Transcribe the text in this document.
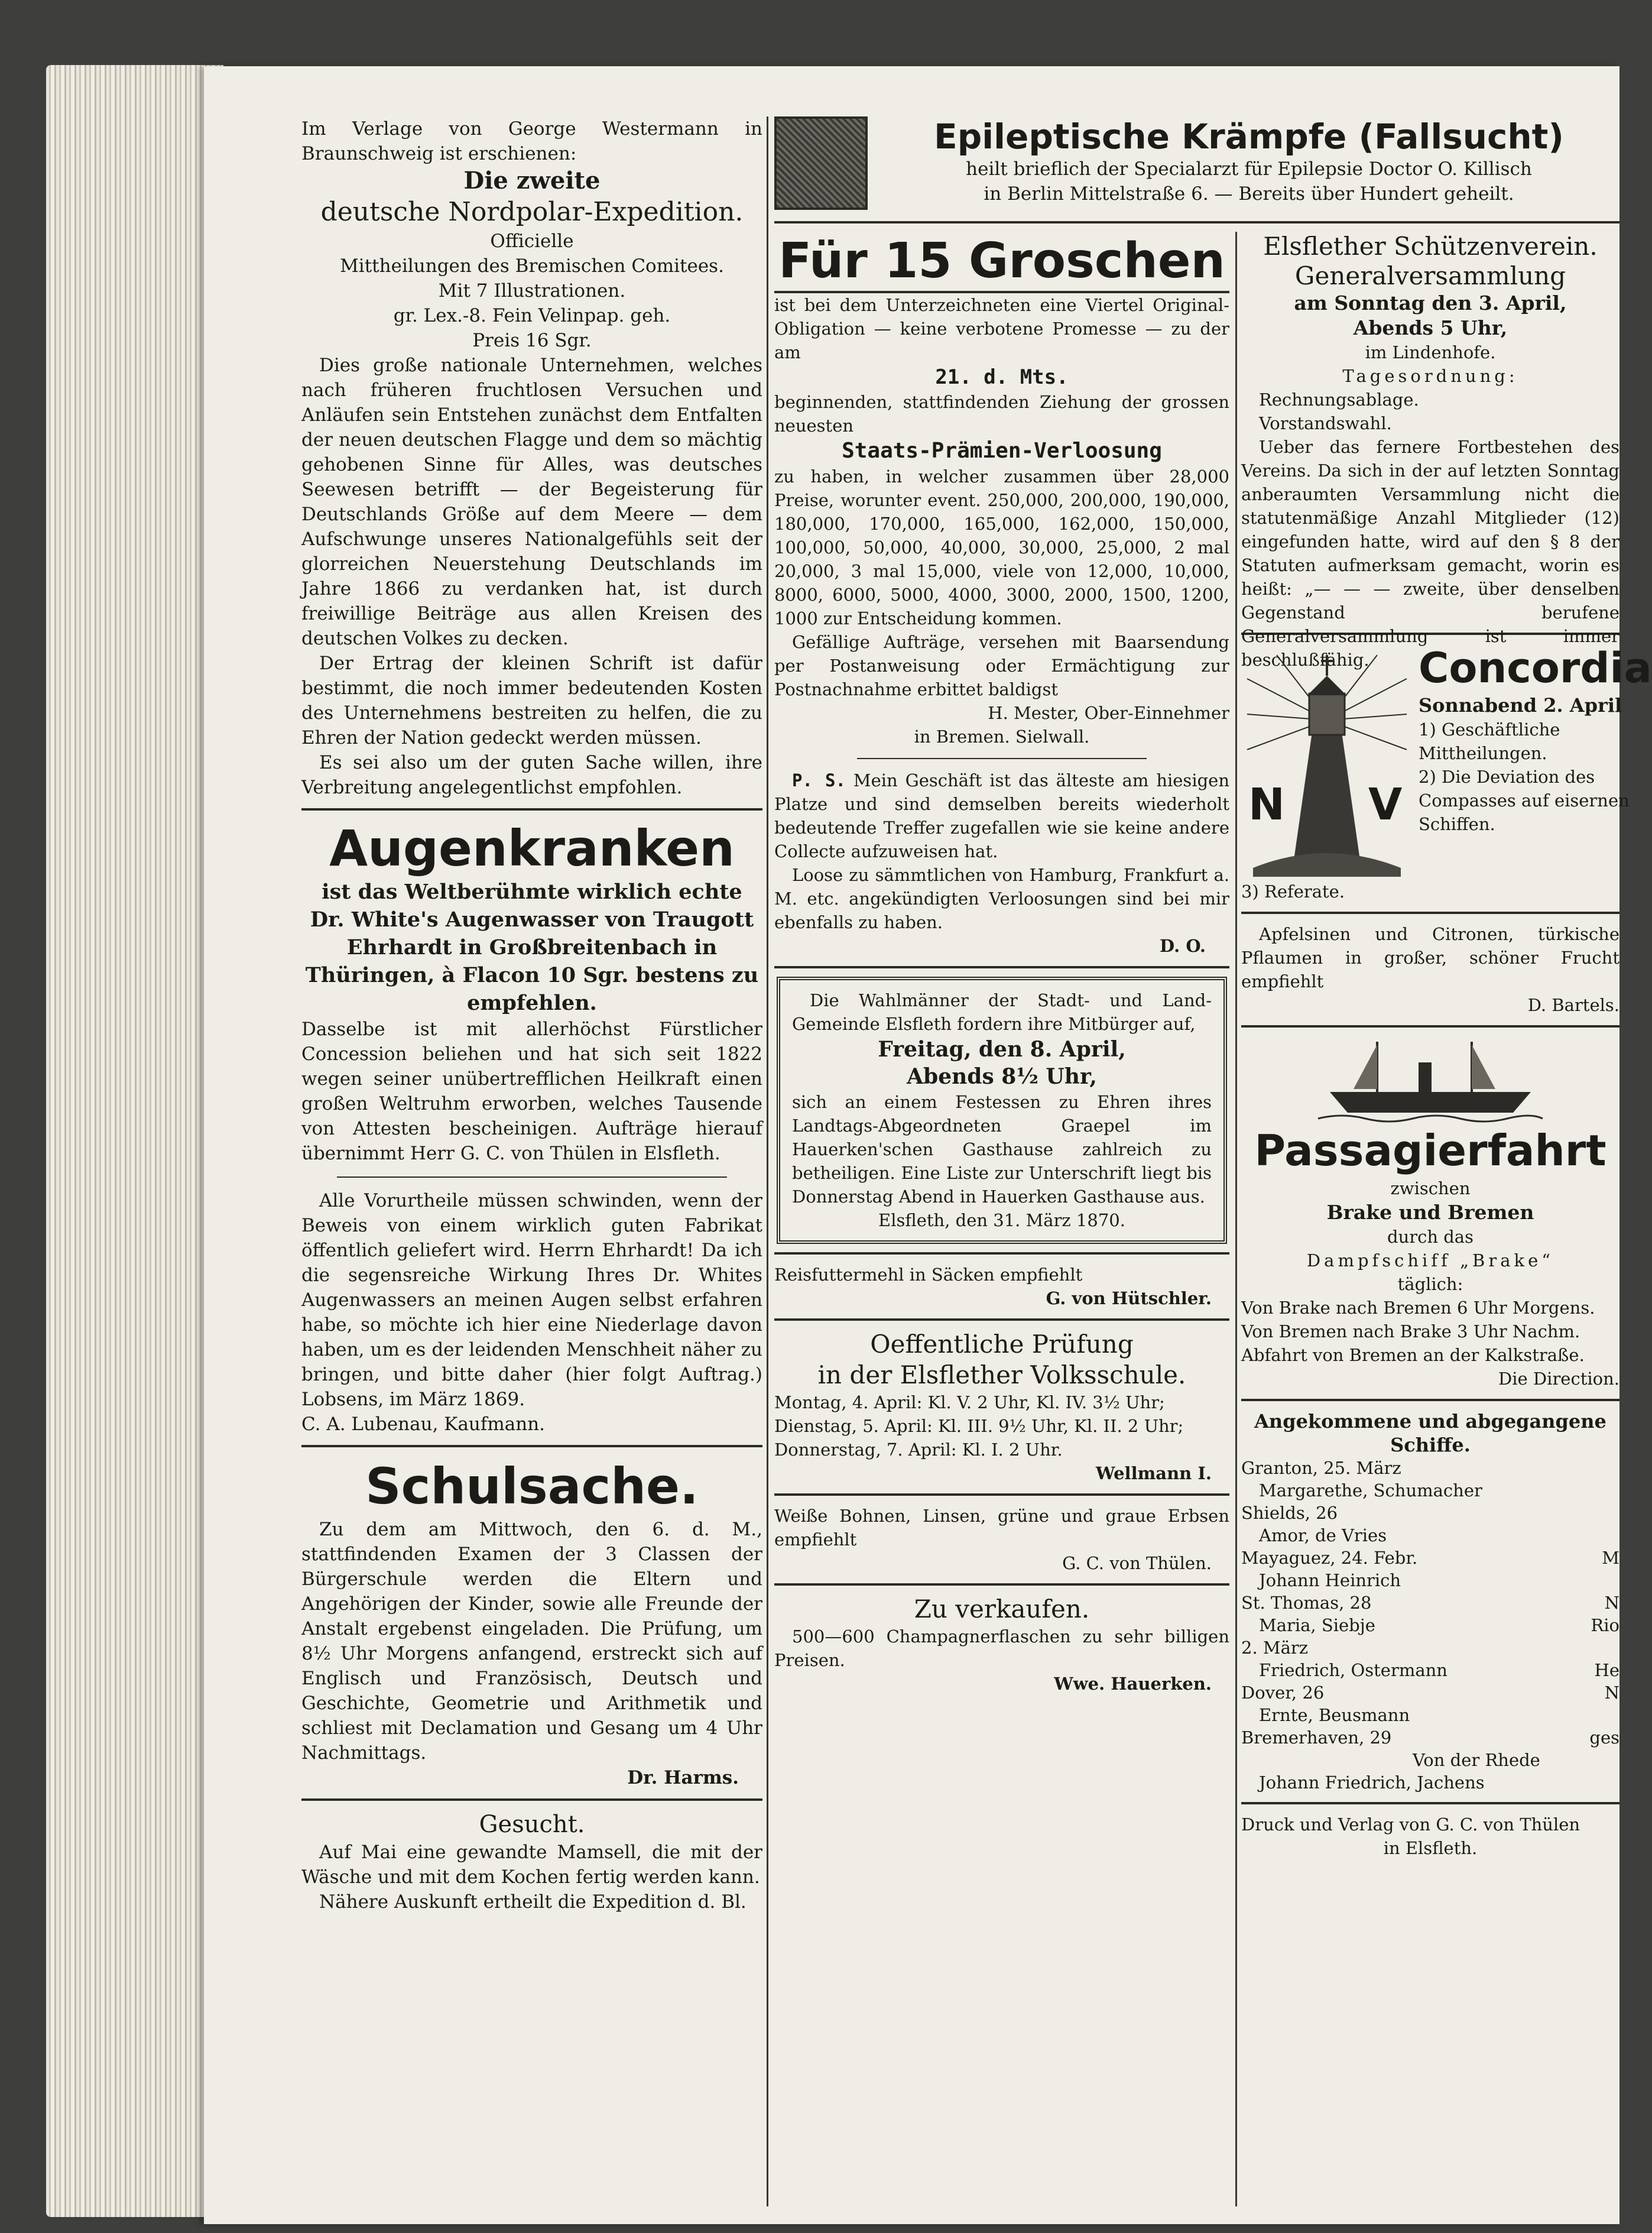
Im Verlage von George Westermann in Braunschweig ist erschienen:

Die zweite

deutsche Nordpolar-Expedition.

Officielle

Mittheilungen des Bremischen Comitees.

Mit 7 Illustrationen.

gr. Lex.-8. Fein Velinpap. geh.

Preis 16 Sgr.

Dies große nationale Unternehmen, welches nach früheren fruchtlosen Versuchen und Anläufen sein Entstehen zunächst dem Entfalten der neuen deutschen Flagge und dem so mächtig gehobenen Sinne für Alles, was deutsches Seewesen betrifft — der Begeisterung für Deutschlands Größe auf dem Meere — dem Aufschwunge unseres Nationalgefühls seit der glorreichen Neuerstehung Deutschlands im Jahre 1866 zu verdanken hat, ist durch freiwillige Beiträge aus allen Kreisen des deutschen Volkes zu decken.

Der Ertrag der kleinen Schrift ist dafür bestimmt, die noch immer bedeutenden Kosten des Unternehmens bestreiten zu helfen, die zu Ehren der Nation gedeckt werden müssen.

Es sei also um der guten Sache willen, ihre Verbreitung angelegentlichst empfohlen.

Augenkranken

ist das Weltberühmte wirklich echte Dr. White's Augenwasser von Traugott Ehrhardt in Großbreitenbach in Thüringen, à Flacon 10 Sgr. bestens zu empfehlen.

Dasselbe ist mit allerhöchst Fürstlicher Concession beliehen und hat sich seit 1822 wegen seiner unübertrefflichen Heilkraft einen großen Weltruhm erworben, welches Tausende von Attesten bescheinigen. Aufträge hierauf übernimmt Herr G. C. von Thülen in Elsfleth.

Alle Vorurtheile müssen schwinden, wenn der Beweis von einem wirklich guten Fabrikat öffentlich geliefert wird. Herrn Ehrhardt! Da ich die segensreiche Wirkung Ihres Dr. Whites Augenwassers an meinen Augen selbst erfahren habe, so möchte ich hier eine Niederlage davon haben, um es der leidenden Menschheit näher zu bringen, und bitte daher (hier folgt Auftrag.) Lobsens, im März 1869.

C. A. Lubenau, Kaufmann.

Schulsache.

Zu dem am Mittwoch, den 6. d. M., stattfindenden Examen der 3 Classen der Bürgerschule werden die Eltern und Angehörigen der Kinder, sowie alle Freunde der Anstalt ergebenst eingeladen. Die Prüfung, um 8½ Uhr Morgens anfangend, erstreckt sich auf Englisch und Französisch, Deutsch und Geschichte, Geometrie und Arithmetik und schliest mit Declamation und Gesang um 4 Uhr Nachmittags.

Dr. Harms.

Gesucht.

Auf Mai eine gewandte Mamsell, die mit der Wäsche und mit dem Kochen fertig werden kann.

Nähere Auskunft ertheilt die Expedition d. Bl.

Epileptische Krämpfe (Fallsucht)

heilt brieflich der Specialarzt für Epilepsie Doctor O. Killisch

in Berlin Mittelstraße 6. — Bereits über Hundert geheilt.

Für 15 Groschen

ist bei dem Unterzeichneten eine Viertel Original-Obligation — keine verbotene Promesse — zu der am

21. d. Mts.

beginnenden, stattfindenden Ziehung der grossen neuesten

Staats-Prämien-Verloosung

zu haben, in welcher zusammen über 28,000 Preise, worunter event. 250,000, 200,000, 190,000, 180,000, 170,000, 165,000, 162,000, 150,000, 100,000, 50,000, 40,000, 30,000, 25,000, 2 mal 20,000, 3 mal 15,000, viele von 12,000, 10,000, 8000, 6000, 5000, 4000, 3000, 2000, 1500, 1200, 1000 zur Entscheidung kommen.

Gefällige Aufträge, versehen mit Baarsendung per Postanweisung oder Ermächtigung zur Postnachnahme erbittet baldigst

H. Mester, Ober-Einnehmer

in Bremen. Sielwall.

P. S. Mein Geschäft ist das älteste am hiesigen Platze und sind demselben bereits wiederholt bedeutende Treffer zugefallen wie sie keine andere Collecte aufzuweisen hat.

Loose zu sämmtlichen von Hamburg, Frankfurt a. M. etc. angekündigten Verloosungen sind bei mir ebenfalls zu haben.

D. O.

Die Wahlmänner der Stadt- und Land-Gemeinde Elsfleth fordern ihre Mitbürger auf,

Freitag, den 8. April,

Abends 8½ Uhr,

sich an einem Festessen zu Ehren ihres Landtags-Abgeordneten Graepel im Hauerken'schen Gasthause zahlreich zu betheiligen. Eine Liste zur Unterschrift liegt bis Donnerstag Abend in Hauerken Gasthause aus.

Elsfleth, den 31. März 1870.

Reisfuttermehl in Säcken empfiehlt

G. von Hütschler.

Oeffentliche Prüfung

in der Elsflether Volksschule.

Montag, 4. April: Kl. V. 2 Uhr, Kl. IV. 3½ Uhr;

Dienstag, 5. April: Kl. III. 9½ Uhr, Kl. II. 2 Uhr;

Donnerstag, 7. April: Kl. I. 2 Uhr.

Wellmann I.

Weiße Bohnen, Linsen, grüne und graue Erbsen empfiehlt

G. C. von Thülen.

Zu verkaufen.

500—600 Champagnerflaschen zu sehr billigen Preisen.

Wwe. Hauerken.

Elsflether Schützenverein.

Generalversammlung

am Sonntag den 3. April,

Abends 5 Uhr,

im Lindenhofe.

Tagesordnung:

Rechnungsablage.

Vorstandswahl.

Ueber das fernere Fortbestehen des Vereins. Da sich in der auf letzten Sonntag anberaumten Versammlung nicht die statutenmäßige Anzahl Mitglieder (12) eingefunden hatte, wird auf den § 8 der Statuten aufmerksam gemacht, worin es heißt: „— — — zweite, über denselben Gegenstand berufene Generalversammlung ist immer beschlußfähig.

N V

Concordia

Sonnabend 2. April

1) Geschäftliche Mittheilungen.

2) Die Deviation des Compasses auf eisernen Schiffen.

3) Referate.

Apfelsinen und Citronen, türkische Pflaumen in großer, schöner Frucht empfiehlt

D. Bartels.

Passagierfahrt

zwischen

Brake und Bremen

durch das

Dampfschiff „Brake“

täglich:

Von Brake nach Bremen 6 Uhr Morgens.

Von Bremen nach Brake 3 Uhr Nachm.

Abfahrt von Bremen an der Kalkstraße.

Die Direction.

Angekommene und abgegangene

Schiffe.

Granton, 25. März
Margarethe, Schumacher
Shields, 26
Amor, de Vries
Mayaguez, 24. Febr.	M
Johann Heinrich
St. Thomas, 28	N
Maria, Siebje	Rio
2. März
Friedrich, Ostermann	He
Dover, 26	N
Ernte, Beusmann
Bremerhaven, 29	ges
Von der Rhede
Johann Friedrich, Jachens

Druck und Verlag von G. C. von Thülen

in Elsfleth.
